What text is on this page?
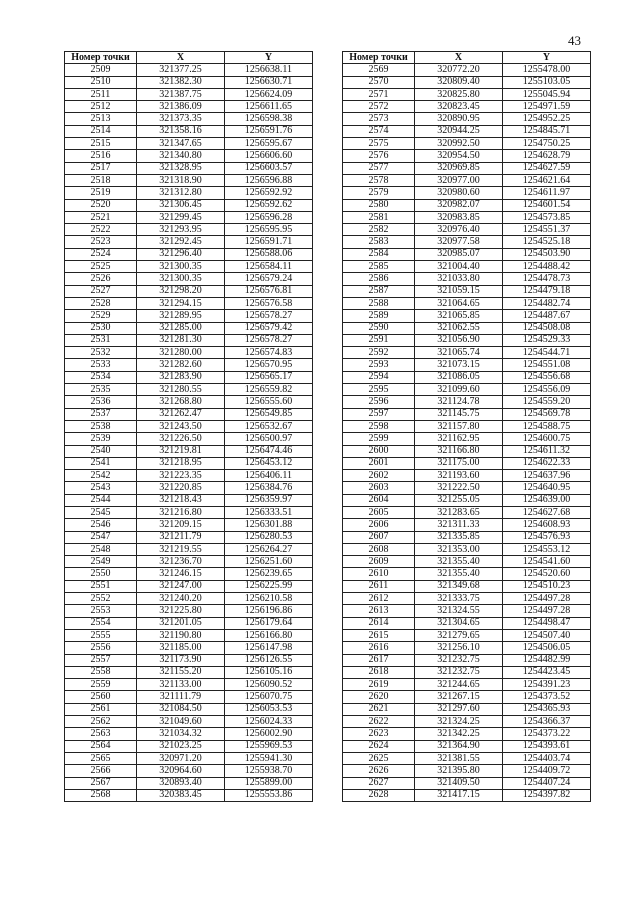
43
Номер точки	X	Y
2509	321377.25	1256638.11
2510	321382.30	1256630.71
2511	321387.75	1256624.09
2512	321386.09	1256611.65
2513	321373.35	1256598.38
2514	321358.16	1256591.76
2515	321347.65	1256595.67
2516	321340.80	1256606.60
2517	321328.95	1256603.57
2518	321318.90	1256596.88
2519	321312.80	1256592.92
2520	321306.45	1256592.62
2521	321299.45	1256596.28
2522	321293.95	1256595.95
2523	321292.45	1256591.71
2524	321296.40	1256588.06
2525	321300.35	1256584.11
2526	321300.35	1256579.24
2527	321298.20	1256576.81
2528	321294.15	1256576.58
2529	321289.95	1256578.27
2530	321285.00	1256579.42
2531	321281.30	1256578.27
2532	321280.00	1256574.83
2533	321282.60	1256570.95
2534	321283.90	1256565.17
2535	321280.55	1256559.82
2536	321268.80	1256555.60
2537	321262.47	1256549.85
2538	321243.50	1256532.67
2539	321226.50	1256500.97
2540	321219.81	1256474.46
2541	321218.95	1256453.12
2542	321223.35	1256406.11
2543	321220.85	1256384.76
2544	321218.43	1256359.97
2545	321216.80	1256333.51
2546	321209.15	1256301.88
2547	321211.79	1256280.53
2548	321219.55	1256264.27
2549	321236.70	1256251.60
2550	321246.15	1256239.65
2551	321247.00	1256225.99
2552	321240.20	1256210.58
2553	321225.80	1256196.86
2554	321201.05	1256179.64
2555	321190.80	1256166.80
2556	321185.00	1256147.98
2557	321173.90	1256126.55
2558	321155.20	1256105.16
2559	321133.00	1256090.52
2560	321111.79	1256070.75
2561	321084.50	1256053.53
2562	321049.60	1256024.33
2563	321034.32	1256002.90
2564	321023.25	1255969.53
2565	320971.20	1255941.30
2566	320964.60	1255938.70
2567	320893.40	1255899.00
2568	320383.45	1255553.86
Номер точки	X	Y
2569	320772.20	1255478.00
2570	320809.40	1255103.05
2571	320825.80	1255045.94
2572	320823.45	1254971.59
2573	320890.95	1254952.25
2574	320944.25	1254845.71
2575	320992.50	1254750.25
2576	320954.50	1254628.79
2577	320969.85	1254627.59
2578	320977.00	1254621.64
2579	320980.60	1254611.97
2580	320982.07	1254601.54
2581	320983.85	1254573.85
2582	320976.40	1254551.37
2583	320977.58	1254525.18
2584	320985.07	1254503.90
2585	321004.40	1254488.42
2586	321033.80	1254478.73
2587	321059.15	1254479.18
2588	321064.65	1254482.74
2589	321065.85	1254487.67
2590	321062.55	1254508.08
2591	321056.90	1254529.33
2592	321065.74	1254544.71
2593	321073.15	1254551.08
2594	321086.05	1254556.68
2595	321099.60	1254556.09
2596	321124.78	1254559.20
2597	321145.75	1254569.78
2598	321157.80	1254588.75
2599	321162.95	1254600.75
2600	321166.80	1254611.32
2601	321175.00	1254622.33
2602	321193.60	1254637.96
2603	321222.50	1254640.95
2604	321255.05	1254639.00
2605	321283.65	1254627.68
2606	321311.33	1254608.93
2607	321335.85	1254576.93
2608	321353.00	1254553.12
2609	321355.40	1254541.60
2610	321355.40	1254520.60
2611	321349.68	1254510.23
2612	321333.75	1254497.28
2613	321324.55	1254497.28
2614	321304.65	1254498.47
2615	321279.65	1254507.40
2616	321256.10	1254506.05
2617	321232.75	1254482.99
2618	321232.75	1254423.45
2619	321244.65	1254391.23
2620	321267.15	1254373.52
2621	321297.60	1254365.93
2622	321324.25	1254366.37
2623	321342.25	1254373.22
2624	321364.90	1254393.61
2625	321381.55	1254403.74
2626	321395.80	1254409.72
2627	321409.50	1254407.24
2628	321417.15	1254397.82
